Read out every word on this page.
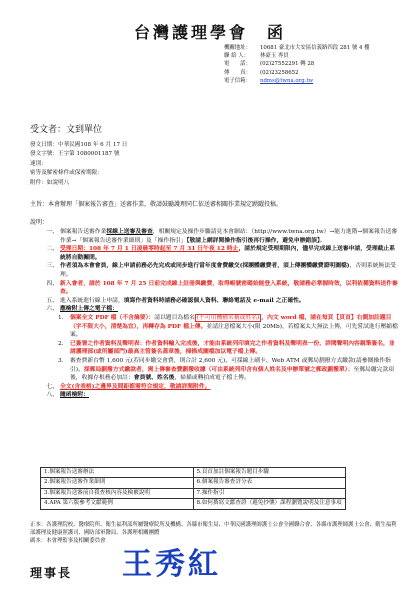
台灣護理學會　函
機關地址： 10681 臺北市大安區信義路四段 281 號 4 樓
聯 絡 人： 林豪玉 專員
電　　話： (02)27552291 轉 28
傳　　真： (02)23258652
電子信箱： ndms@twna.org.tw
受文者：文到單位
發文日期：中華民國108 年 6 月 17 日
發文字號：王字第 1080001187 號
速別：
密等及解密條件或保密期限：
附件：如說明八
主旨：本會辦理「個案報告審查」送審作業，敬請鼓勵護理同仁依送審相關作業規定踴躍投稿。
說明：
一、 個案報告送審作業採線上送審及審查，相關規定及操作步驟請見本會網站：（http://www.twna.org.tw）→能力進階→個案報告送審作業→「個案報告送審作業細則」及「操作指引」【敬請上網詳閱操作指引後再行操作，避免申辦錯誤】。
二、 受理日期：108 年 7 月 1 日凌晨零時起至 7 月 31 日午夜 12 時止，請於規定受理期限內，儘早完成線上送審申請，受理截止系統將自動關閉。
三、 作者須為本會會員，線上申請前務必先完成或同步進行當年度會費繳交(採團體繳費者，須上傳團體繳費證明圖檔)，否則系統無法受理。
四、 新入會者，請於 108 年 7 月 25 日前完成線上註冊與繳費，取得帳號密碼始能登入系統，敬請務必掌握時效，以利依種資料送件審查。
五、 進入系統進行線上申請，填寫作者資料時請務必確認個人資料、聯絡電話及 e-mail 之正確性。
六、 應檢附上傳之電子檔：
1.	個案全文 PDF 檔（不含摘要）：請以題目為檔名 (不可用機構名稱或姓名) ，內文 word 檔，請在每頁【頁首】右側加註題目（字不限大小，清楚為宜），再轉存為 PDF 檔上傳。並請注意檔案大小(限 20Mb)，若檔案太大無法上傳，可先嘗試進行壓縮檔案。
2.	已簽署之作者資料及聲明表：作者資料輸入完成後，才能由系統列印填完之作者資料及聲明表一份，詳閱聲明內容親筆簽名，並請護理部(或所屬部門)最高主管簽名蓋章後，掃描成圖檔加以電子檔上傳。
3.	審查費新台幣 1,600 元(若同步繳交會費，則合計 2,600 元)，可採線上刷卡、Web ATM 或郵局劃撥方式繳款(請參閱操作指引)。採郵局劃撥方式繳款者，需上傳審查費劃撥收據（可由系統列印含有個人姓名及申辦單號之郵政劃撥單）；至郵局繳完款項後，收據存根務必加註：會員號、姓名後，掃描或轉拍成電子檔上傳。
七、 全文(含表格)之邊界及間距都需符合規定，敬請詳閱附件。
八、 隨函檢附：
1.個案報告送審辦法	5.頁首加註個案報告題目步驟
2.個案報告送審作業細則	6.個案報告審查評分表
3.個案報告送審前自我查核內容及檢覈說明	7.操作指引
4.APA 第六版參考文獻範例	8.如何撰寫文獻查證（避免抄襲）課程瀏覽說明及注意事項
正本：各護理院校、醫療院所、衛生福利部所屬醫療院所及機構、各縣市衛生局、中華民國護理師護士公會全國聯合會、各縣市護理師護士公會、衛生福利部護理及健康照護司、國防部軍醫局、各護理相關團體
副本：本會理監事及相關委員會
理事長 王秀紅
